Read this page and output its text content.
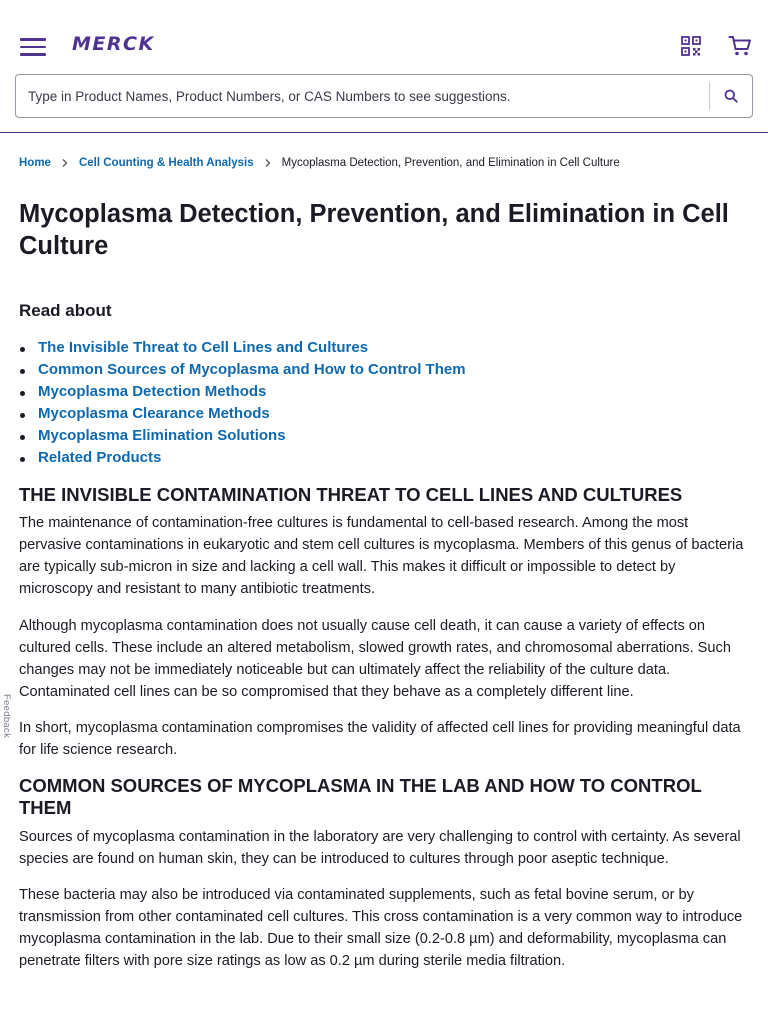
MERCK
Type in Product Names, Product Numbers, or CAS Numbers to see suggestions.
Home Cell Counting & Health Analysis Mycoplasma Detection, Prevention, and Elimination in Cell Culture
Mycoplasma Detection, Prevention, and Elimination in Cell Culture
Read about
The Invisible Threat to Cell Lines and Cultures
Common Sources of Mycoplasma and How to Control Them
Mycoplasma Detection Methods
Mycoplasma Clearance Methods
Mycoplasma Elimination Solutions
Related Products
THE INVISIBLE CONTAMINATION THREAT TO CELL LINES AND CULTURES

The maintenance of contamination-free cultures is fundamental to cell-based research. Among the most pervasive contaminations in eukaryotic and stem cell cultures is mycoplasma. Members of this genus of bacteria are typically sub-micron in size and lacking a cell wall. This makes it difficult or impossible to detect by microscopy and resistant to many antibiotic treatments.

Although mycoplasma contamination does not usually cause cell death, it can cause a variety of effects on cultured cells. These include an altered metabolism, slowed growth rates, and chromosomal aberrations. Such changes may not be immediately noticeable but can ultimately affect the reliability of the culture data. Contaminated cell lines can be so compromised that they behave as a completely different line.

In short, mycoplasma contamination compromises the validity of affected cell lines for providing meaningful data for life science research.

COMMON SOURCES OF MYCOPLASMA IN THE LAB AND HOW TO CONTROL THEM

Sources of mycoplasma contamination in the laboratory are very challenging to control with certainty. As several species are found on human skin, they can be introduced to cultures through poor aseptic technique.

These bacteria may also be introduced via contaminated supplements, such as fetal bovine serum, or by transmission from other contaminated cell cultures. This cross contamination is a very common way to introduce mycoplasma contamination in the lab. Due to their small size (0.2-0.8 µm) and deformability, mycoplasma can penetrate filters with pore size ratings as low as 0.2 µm during sterile media filtration.

Feedback
